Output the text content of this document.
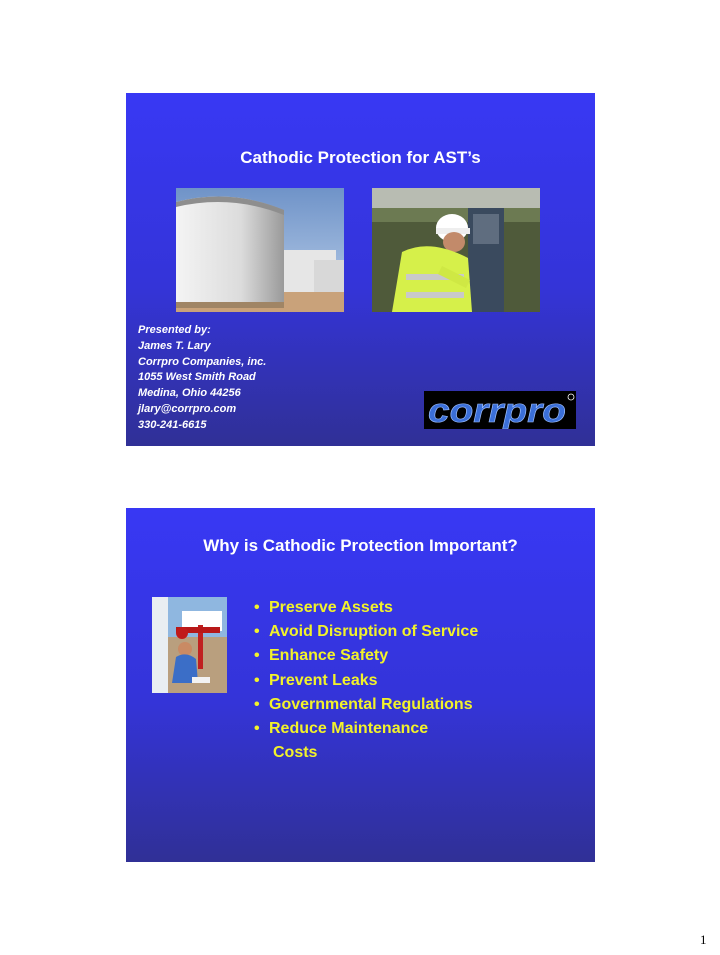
Cathodic Protection for AST’s
Presented by:
James T. Lary
Corrpro Companies, inc.
1055 West Smith Road
Medina, Ohio 44256
jlary@corrpro.com
330-241-6615	corrpro
Why is Cathodic Protection Important?
• Preserve Assets
• Avoid Disruption of Service
• Enhance Safety
• Prevent Leaks
• Governmental Regulations
• Reduce Maintenance
Costs
1
